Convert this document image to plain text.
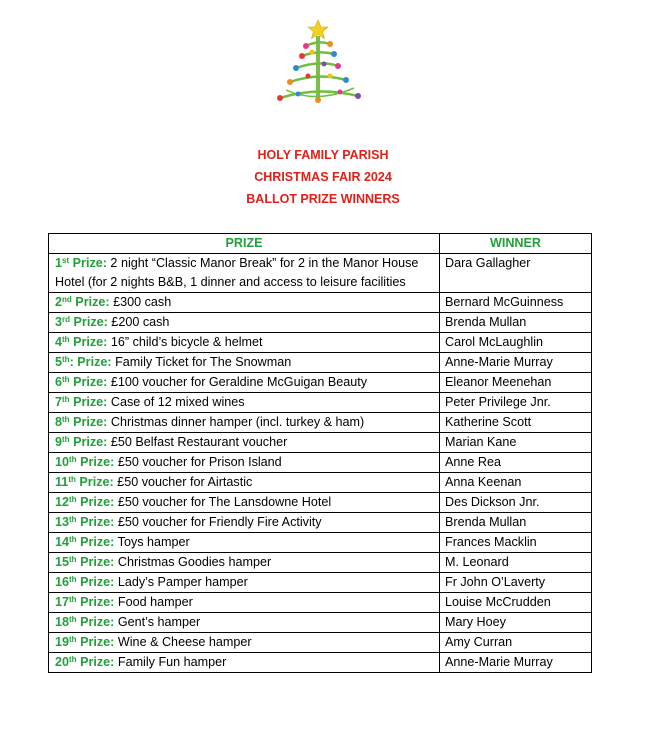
HOLY FAMILY PARISH
CHRISTMAS FAIR 2024
BALLOT PRIZE WINNERS
PRIZE	WINNER
1st Prize: 2 night “Classic Manor Break” for 2 in the Manor House Hotel (for 2 nights B&B, 1 dinner and access to leisure facilities	Dara Gallagher
2nd Prize: £300 cash	Bernard McGuinness
3rd Prize: £200 cash	Brenda Mullan
4th Prize: 16” child’s bicycle & helmet	Carol McLaughlin
5th: Prize: Family Ticket for The Snowman	Anne-Marie Murray
6th Prize: £100 voucher for Geraldine McGuigan Beauty	Eleanor Meenehan
7th Prize: Case of 12 mixed wines	Peter Privilege Jnr.
8th Prize: Christmas dinner hamper (incl. turkey & ham)	Katherine Scott
9th Prize: £50 Belfast Restaurant voucher	Marian Kane
10th Prize: £50 voucher for Prison Island	Anne Rea
11th Prize: £50 voucher for Airtastic	Anna Keenan
12th Prize: £50 voucher for The Lansdowne Hotel	Des Dickson Jnr.
13th Prize: £50 voucher for Friendly Fire Activity	Brenda Mullan
14th Prize: Toys hamper	Frances Macklin
15th Prize: Christmas Goodies hamper	M. Leonard
16th Prize: Lady’s Pamper hamper	Fr John O’Laverty
17th Prize: Food hamper	Louise McCrudden
18th Prize: Gent’s hamper	Mary Hoey
19th Prize: Wine & Cheese hamper	Amy Curran
20th Prize: Family Fun hamper	Anne-Marie Murray
